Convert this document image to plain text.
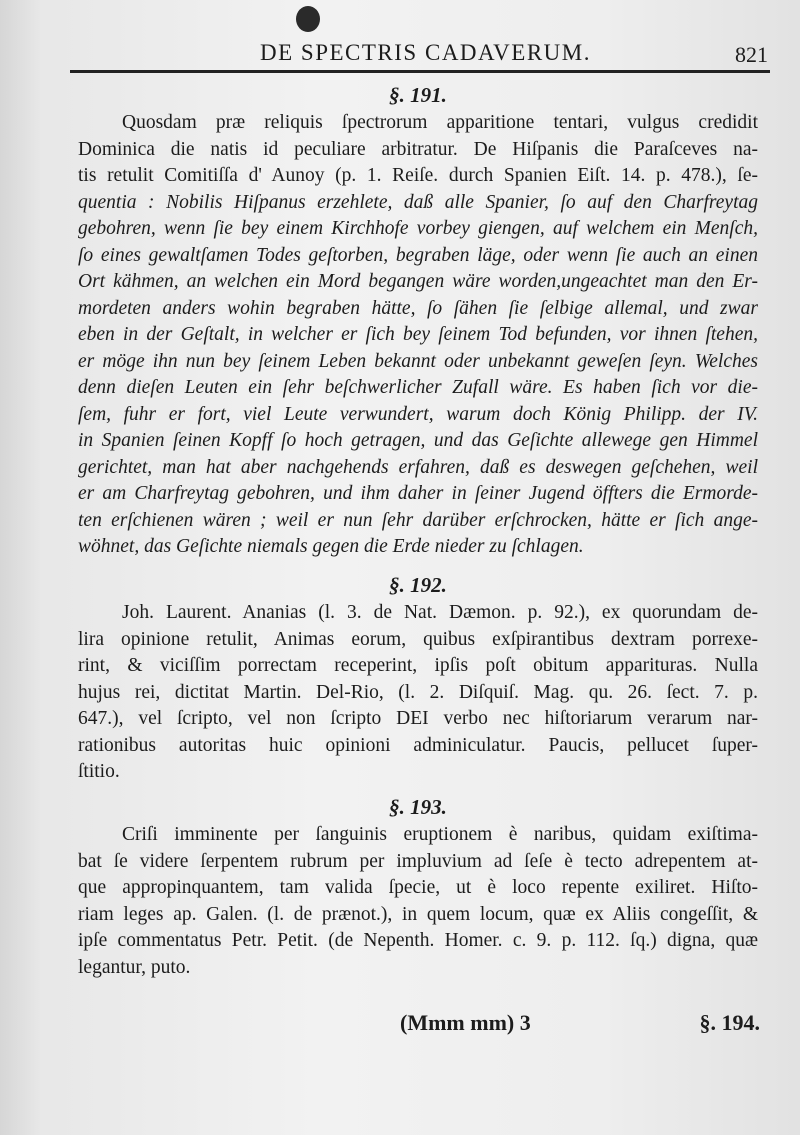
DE SPECTRIS CADAVERUM.	821
§. 191.
Quosdam præ reliquis ſpectrorum apparitione tentari, vulgus credidit
Dominica die natis id peculiare arbitratur. De Hiſpanis die Paraſceves na-
tis retulit Comitiſſa d' Aunoy (p. 1. Reiſe. durch Spanien Eiſt. 14. p. 478.), ſe-
quentia : Nobilis Hiſpanus erzehlete, daß alle Spanier, ſo auf den Charfreytag
gebohren, wenn ſie bey einem Kirchhofe vorbey giengen, auf welchem ein Menſch,
ſo eines gewaltſamen Todes geſtorben, begraben läge, oder wenn ſie auch an einen
Ort kähmen, an welchen ein Mord begangen wäre worden,ungeachtet man den Er-
mordeten anders wohin begraben hätte, ſo ſähen ſie ſelbige allemal, und zwar
eben in der Geſtalt, in welcher er ſich bey ſeinem Tod befunden, vor ihnen ſtehen,
er möge ihn nun bey ſeinem Leben bekannt oder unbekannt geweſen ſeyn. Welches
denn dieſen Leuten ein ſehr beſchwerlicher Zufall wäre. Es haben ſich vor die-
ſem, fuhr er fort, viel Leute verwundert, warum doch König Philipp. der IV.
in Spanien ſeinen Kopff ſo hoch getragen, und das Geſichte allewege gen Himmel
gerichtet, man hat aber nachgehends erfahren, daß es deswegen geſchehen, weil
er am Charfreytag gebohren, und ihm daher in ſeiner Jugend öffters die Ermorde-
ten erſchienen wären ; weil er nun ſehr darüber erſchrocken, hätte er ſich ange-
wöhnet, das Geſichte niemals gegen die Erde nieder zu ſchlagen.
§. 192.
Joh. Laurent. Ananias (l. 3. de Nat. Dæmon. p. 92.), ex quorundam de-
lira opinione retulit, Animas eorum, quibus exſpirantibus dextram porrexe-
rint, & viciſſim porrectam receperint, ipſis poſt obitum apparituras. Nulla
hujus rei, dictitat Martin. Del-Rio, (l. 2. Diſquiſ. Mag. qu. 26. ſect. 7. p.
647.), vel ſcripto, vel non ſcripto DEI verbo nec hiſtoriarum verarum nar-
rationibus autoritas huic opinioni adminiculatur. Paucis, pellucet ſuper-
ſtitio.
§. 193.
Criſi imminente per ſanguinis eruptionem è naribus, quidam exiſtima-
bat ſe videre ſerpentem rubrum per impluvium ad ſeſe è tecto adrepentem at-
que appropinquantem, tam valida ſpecie, ut è loco repente exiliret. Hiſto-
riam leges ap. Galen. (l. de prænot.), in quem locum, quæ ex Aliis congeſſit, &
ipſe commentatus Petr. Petit. (de Nepenth. Homer. c. 9. p. 112. ſq.) digna, quæ
legantur, puto.
(Mmm mm) 3	§. 194.
